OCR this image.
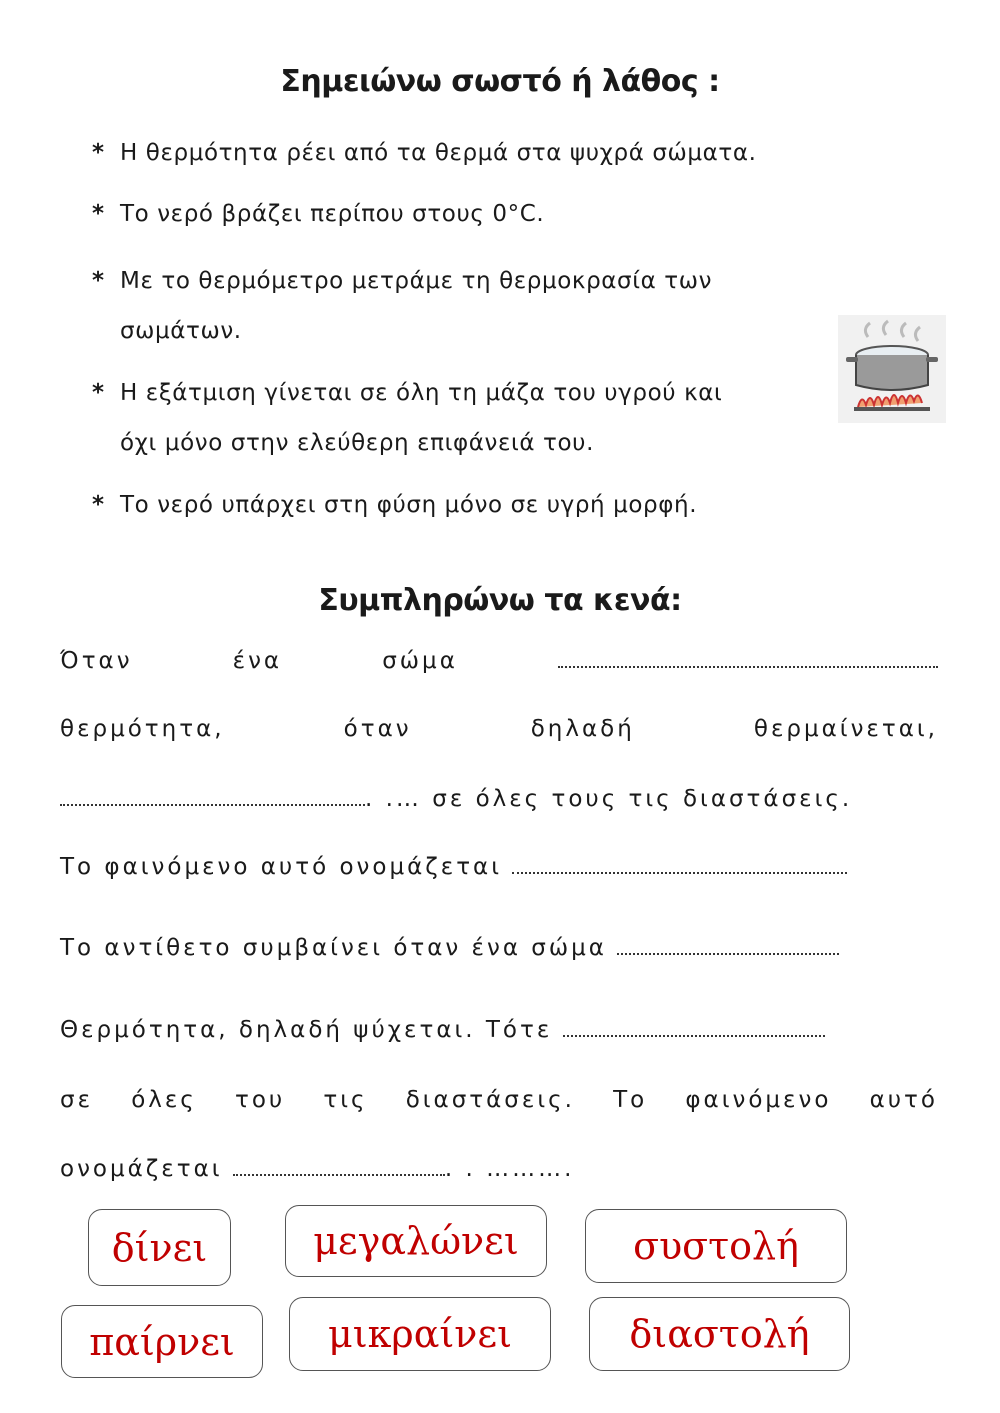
Σημειώνω σωστό ή λάθος :
* Η θερμότητα ρέει από τα θερμά στα ψυχρά σώματα.
* Το νερό βράζει περίπου στους 0°C.
* Με το θερμόμετρο μετράμε τη θερμοκρασία των
σωμάτων.
* Η εξάτμιση γίνεται σε όλη τη μάζα του υγρού και
όχι μόνο στην ελεύθερη επιφάνειά του.
* Το νερό υπάρχει στη φύση μόνο σε υγρή μορφή.
Συμπληρώνω τα κενά:
Όταν	ένα	σώμα
θερμότητα,	όταν	δηλαδή	θερμαίνεται,
. .… σε όλες τους τις διαστάσεις.
Το φαινόμενο αυτό ονομάζεται
Το αντίθετο συμβαίνει όταν ένα σώμα
Θερμότητα, δηλαδή ψύχεται. Τότε
σε όλες του τις διαστάσεις. Το φαινόμενο αυτό
ονομάζεται	. . ……….
δίνει	μεγαλώνει	συστολή
παίρνει	μικραίνει	διαστολή
